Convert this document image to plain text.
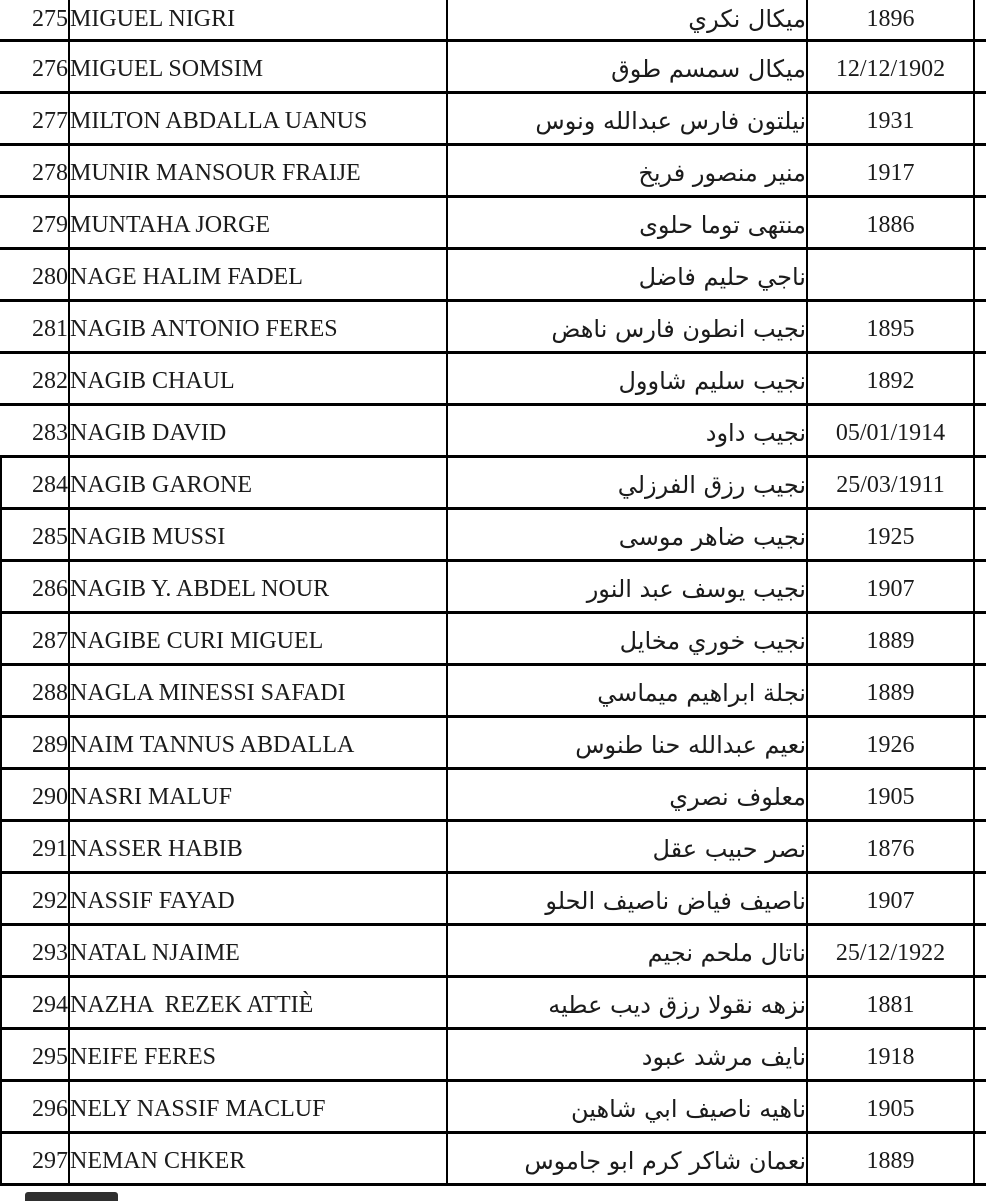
275	MIGUEL NIGRI	ميكال نكري	1896	
276	MIGUEL SOMSIM	ميكال سمسم طوق	12/12/1902	
277	MILTON ABDALLA UANUS	نيلتون فارس عبدالله ونوس	1931	
278	MUNIR MANSOUR FRAIJE	منير منصور فريخ	1917	
279	MUNTAHA JORGE	منتهى توما حلوى	1886	
280	NAGE HALIM FADEL	ناجي حليم فاضل		
281	NAGIB ANTONIO FERES	نجيب انطون فارس ناهض	1895	
282	NAGIB CHAUL	نجيب سليم شاوول	1892	
283	NAGIB DAVID	نجيب داود	05/01/1914	
284	NAGIB GARONE	نجيب رزق الفرزلي	25/03/1911	
285	NAGIB MUSSI	نجيب ضاهر موسى	1925	
286	NAGIB Y. ABDEL NOUR	نجيب يوسف عبد النور	1907	
287	NAGIBE CURI MIGUEL	نجيب خوري مخايل	1889	
288	NAGLA MINESSI SAFADI	نجلة ابراهيم ميماسي	1889	
289	NAIM TANNUS ABDALLA	نعيم عبدالله حنا طنوس	1926	
290	NASRI MALUF	معلوف نصري	1905	
291	NASSER HABIB	نصر حبيب عقل	1876	
292	NASSIF FAYAD	ناصيف فياض ناصيف الحلو	1907	
293	NATAL NJAIME	ناتال ملحم نجيم	25/12/1922	
294	NAZHA  REZEK ATTIÈ	نزهه نقولا رزق ديب عطيه	1881	
295	NEIFE FERES	نايف مرشد عبود	1918	
296	NELY NASSIF MACLUF	ناهيه ناصيف ابي شاهين	1905	
297	NEMAN CHKER	نعمان شاكر كرم ابو جاموس	1889	
